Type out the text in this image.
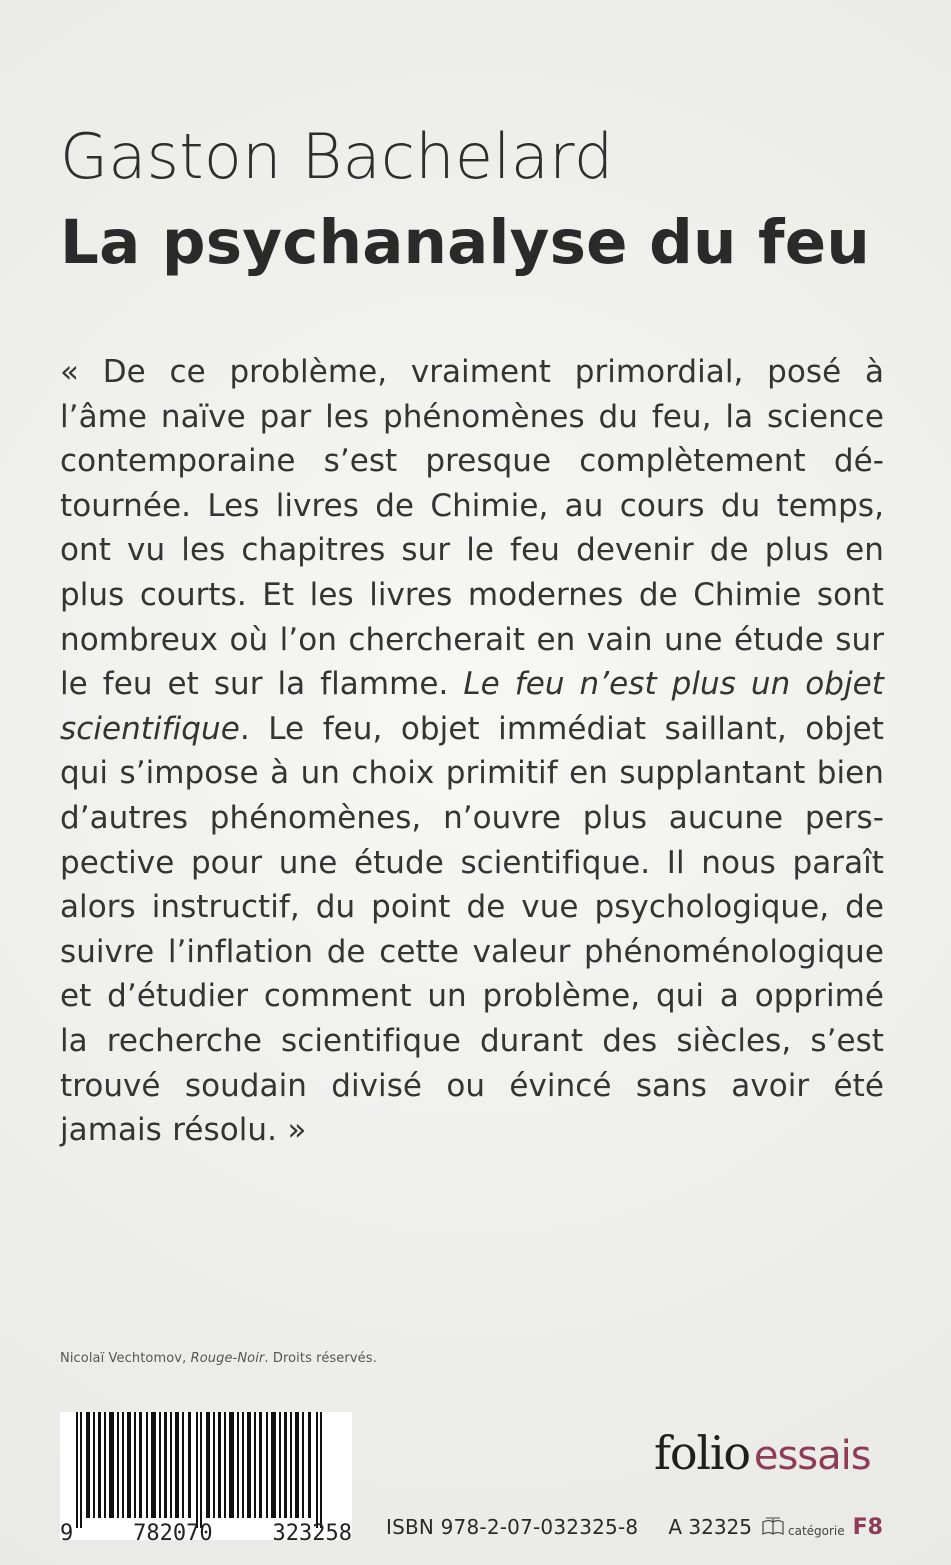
Gaston Bachelard
La psychanalyse du feu
« De ce problème, vraiment primordial, posé à
l’âme naïve par les phénomènes du feu, la science
contemporaine s’est presque complètement dé-
tournée. Les livres de Chimie, au cours du temps,
ont vu les chapitres sur le feu devenir de plus en
plus courts. Et les livres modernes de Chimie sont
nombreux où l’on chercherait en vain une étude sur
le feu et sur la flamme. Le feu n’est plus un objet
scientifique. Le feu, objet immédiat saillant, objet
qui s’impose à un choix primitif en supplantant bien
d’autres phénomènes, n’ouvre plus aucune pers-
pective pour une étude scientifique. Il nous paraît
alors instructif, du point de vue psychologique, de
suivre l’inflation de cette valeur phénoménologique
et d’étudier comment un problème, qui a opprimé
la recherche scientifique durant des siècles, s’est
trouvé soudain divisé ou évincé sans avoir été
jamais résolu. »
Nicolaï Vechtomov, Rouge-Noir. Droits réservés.
9	782070	323258
folio essais
ISBN 978-2-07-032325-8 A 32325	catégorie F8
